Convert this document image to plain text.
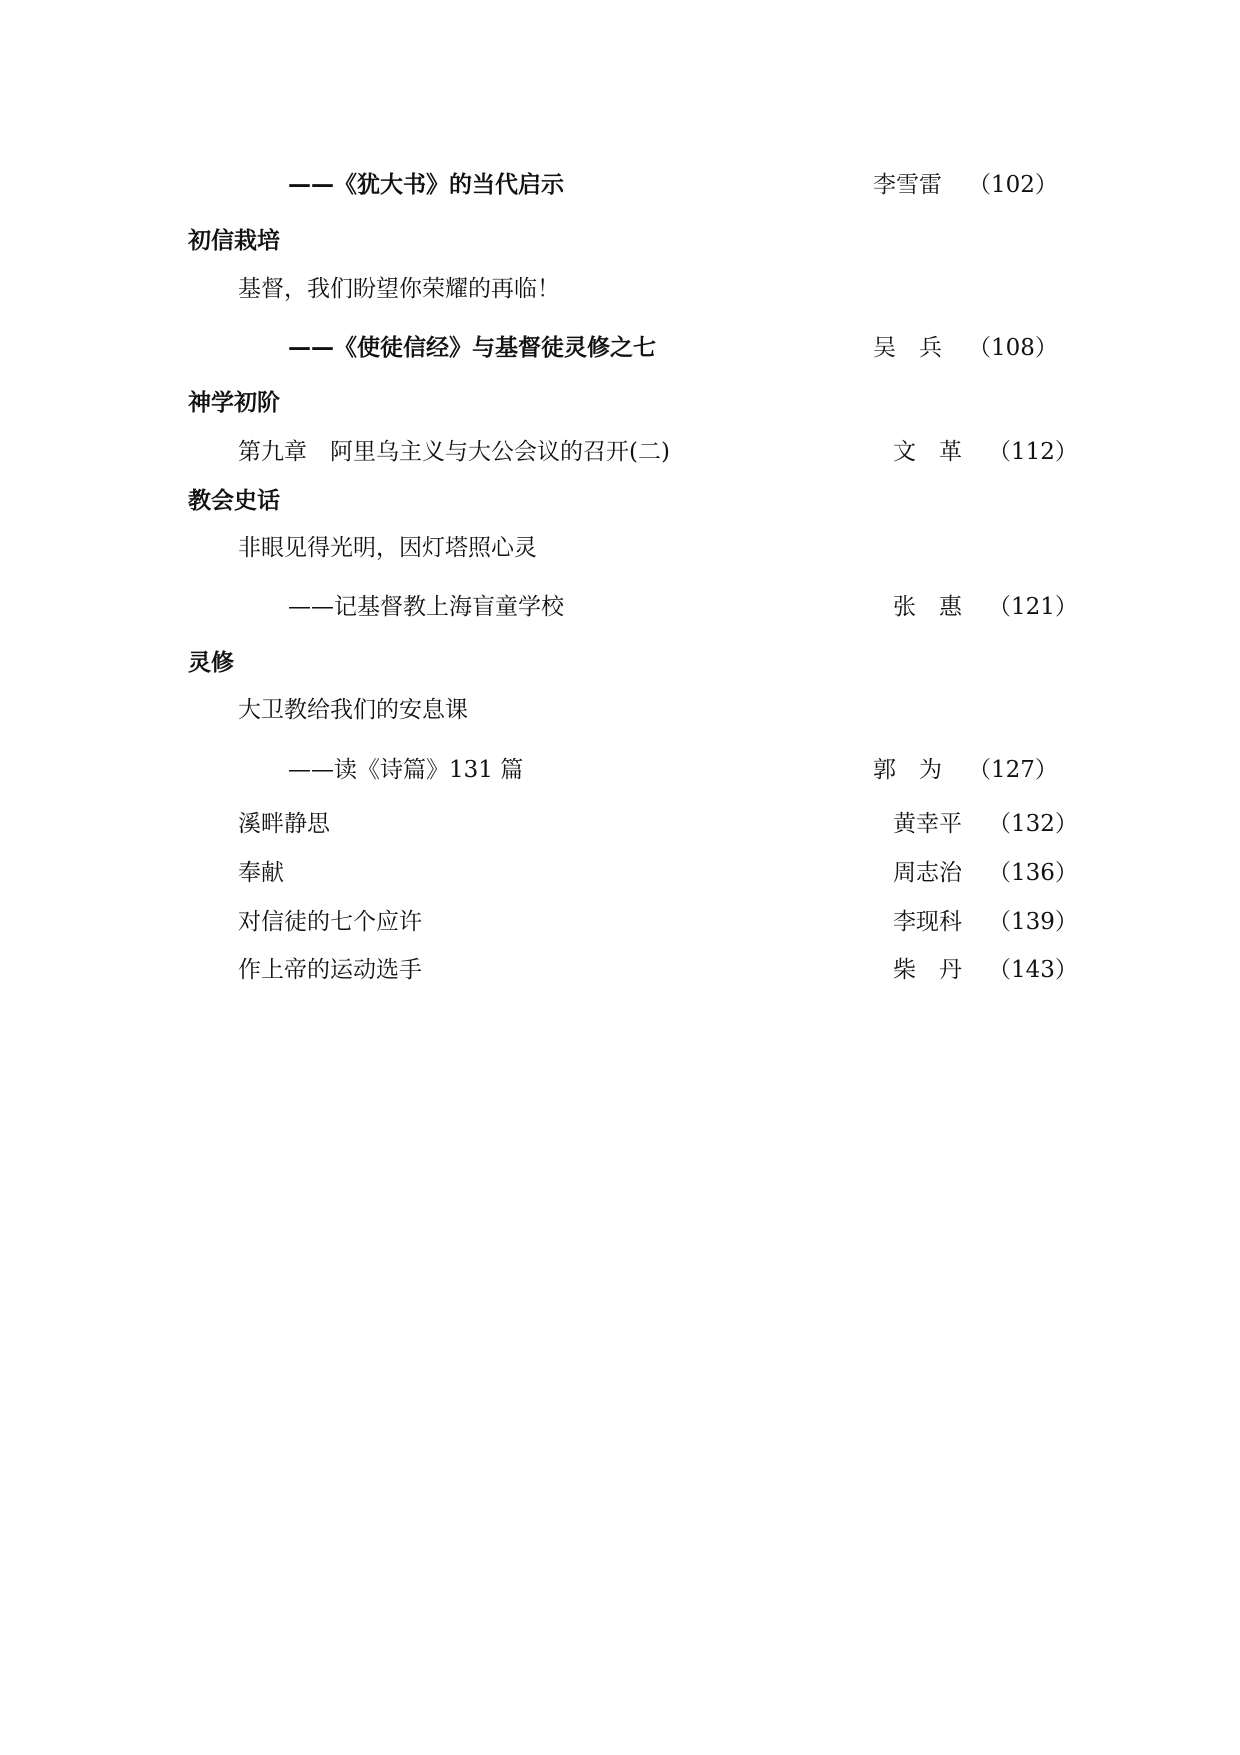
——《犹大书》的当代启示	李雪雷 （102）
初信栽培
基督，我们盼望你荣耀的再临！
——《使徒信经》与基督徒灵修之七	吴　兵 （108）
神学初阶
第九章　阿里乌主义与大公会议的召开(二)	文　革 （112）
教会史话
非眼见得光明，因灯塔照心灵
——记基督教上海盲童学校	张　惠 （121）
灵修
大卫教给我们的安息课
——读《诗篇》131 篇	郭　为 （127）
溪畔静思	黄幸平 （132）
奉献	周志治 （136）
对信徒的七个应许	李现科 （139）
作上帝的运动选手	柴　丹 （143）
